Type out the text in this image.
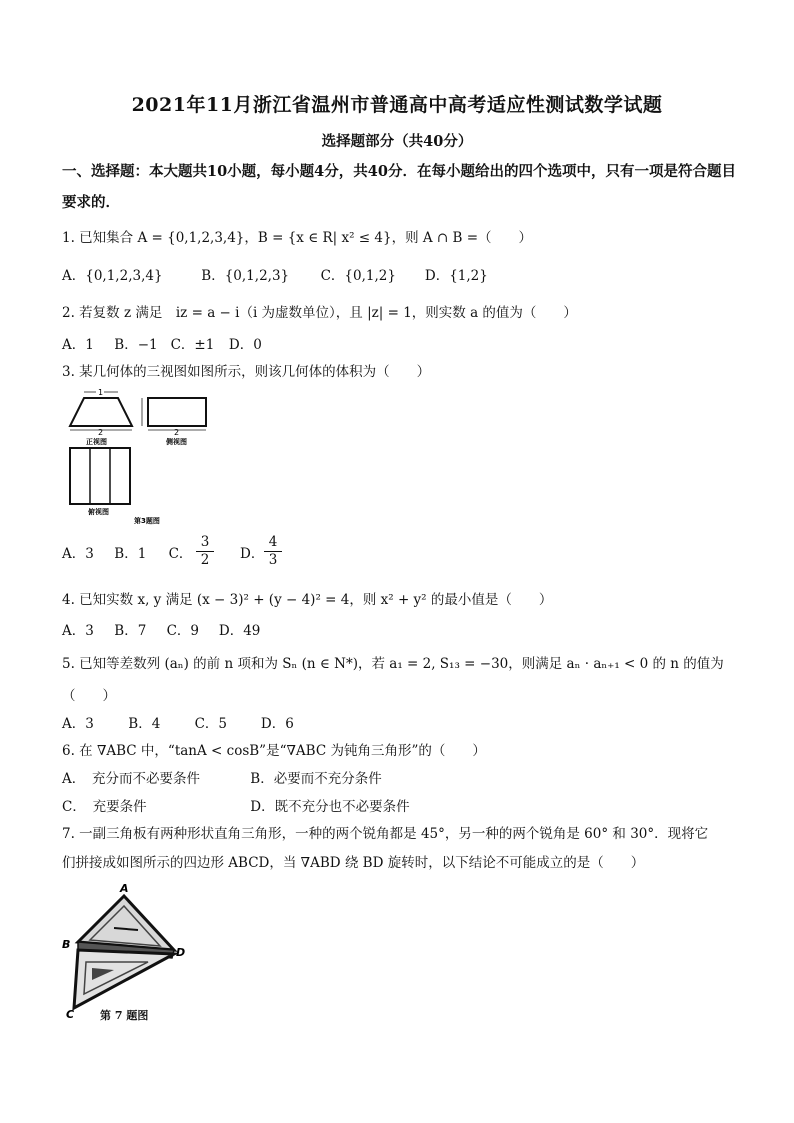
2021年11月浙江省温州市普通高中高考适应性测试数学试题
选择题部分（共40分）
一、选择题：本大题共10小题，每小题4分，共40分．在每小题给出的四个选项中，只有一项是符合题目要求的．
1. 已知集合 A = {0,1,2,3,4}，B = {x ∈ R| x² ≤ 4}，则 A ∩ B =（　　）
A．{0,1,2,3,4}	B．{0,1,2,3} C．{0,1,2} D．{1,2}
2. 若复数 z 满足　iz = a − i（i 为虚数单位），且 |z| = 1，则实数 a 的值为（　　）
A．1 B．−1 C．±1 D．0
3. 某几何体的三视图如图所示，则该几何体的体积为（　　）
1
2
正视图
2
侧视图
俯视图
第3题图
A．3 B．1 C． $\frac{3}{2}$ D． $\frac{4}{3}$
4. 已知实数 x, y 满足 (x − 3)² + (y − 4)² = 4，则 x² + y² 的最小值是（　　）
A．3 B．7 C．9 D．49
5. 已知等差数列 (aₙ) 的前 n 项和为 Sₙ (n ∈ N*)，若 a₁ = 2, S₁₃ = −30，则满足 aₙ · aₙ₊₁ < 0 的 n 的值为
（　　）
A．3	B．4	C．5	D．6
6. 在 ∇ABC 中，“tanA < cosB”是“∇ABC 为钝角三角形”的（　　）
A．　充分而不必要条件	B．必要而不充分条件
C．　充要条件	D．既不充分也不必要条件
7. 一副三角板有两种形状直角三角形，一种的两个锐角都是 45°，另一种的两个锐角是 60° 和 30°．现将它
们拼接成如图所示的四边形 ABCD，当 ∇ABD 绕 BD 旋转时，以下结论不可能成立的是（　　）
A
B
D
C 第 7 题图
